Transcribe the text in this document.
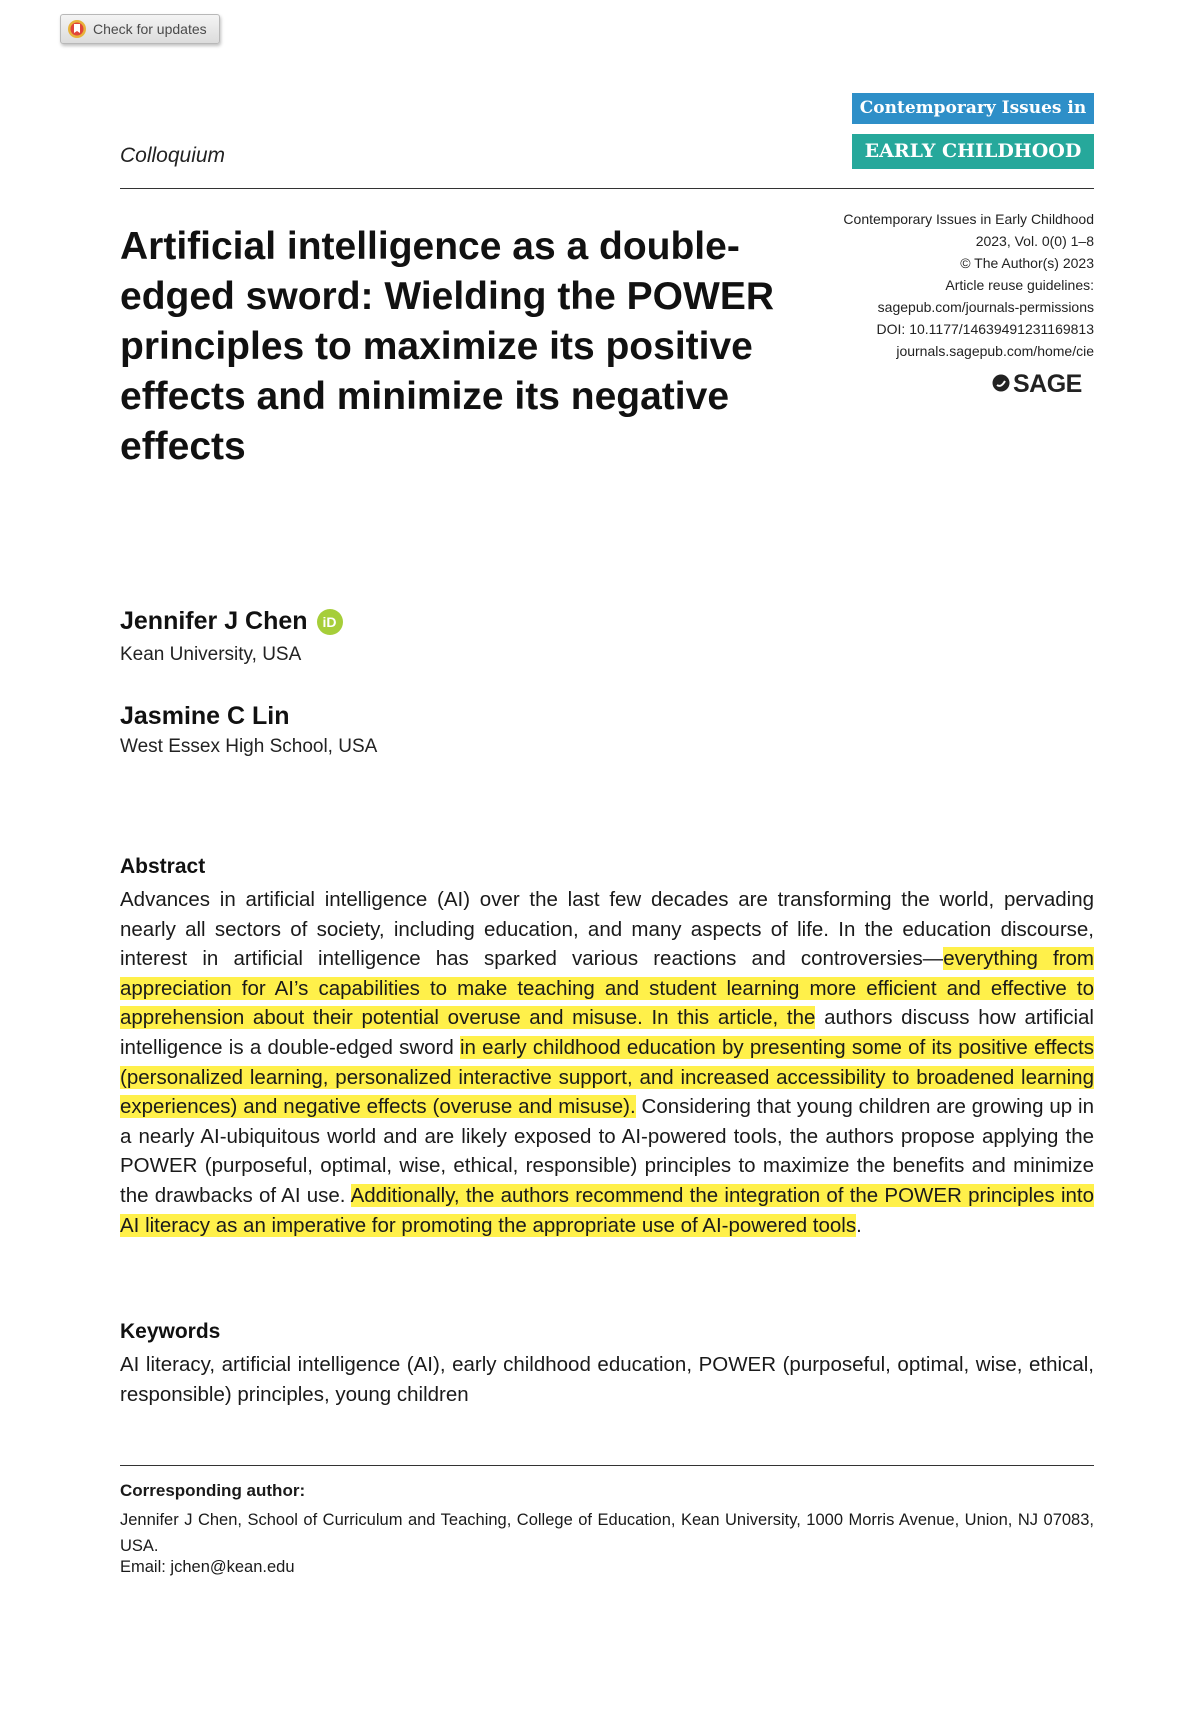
Check for updates
Contemporary Issues in
EARLY CHILDHOOD
Colloquium
Artificial intelligence as a double-edged sword: Wielding the POWER principles to maximize its positive effects and minimize its negative effects
Contemporary Issues in Early Childhood
2023, Vol. 0(0) 1–8
© The Author(s) 2023
Article reuse guidelines:
sagepub.com/journals-permissions
DOI: 10.1177/14639491231169813
journals.sagepub.com/home/cie
SAGE
Jennifer J Chen iD
Kean University, USA
Jasmine C Lin
West Essex High School, USA
Abstract

Advances in artificial intelligence (AI) over the last few decades are transforming the world, pervading nearly all sectors of society, including education, and many aspects of life. In the education discourse, interest in artificial intelligence has sparked various reactions and controversies—everything from appreciation for AI’s capabilities to make teaching and student learning more efficient and effective to apprehension about their potential overuse and misuse. In this article, the authors discuss how artificial intelligence is a double-edged sword in early childhood education by presenting some of its positive effects (personalized learning, personalized interactive support, and increased accessibility to broadened learning experiences) and negative effects (overuse and misuse). Considering that young children are growing up in a nearly AI-ubiquitous world and are likely exposed to AI-powered tools, the authors propose applying the POWER (purposeful, optimal, wise, ethical, responsible) principles to maximize the benefits and minimize the drawbacks of AI use. Additionally, the authors recommend the integration of the POWER principles into AI literacy as an imperative for promoting the appropriate use of AI-powered tools.

Keywords

AI literacy, artificial intelligence (AI), early childhood education, POWER (purposeful, optimal, wise, ethical, responsible) principles, young children

Corresponding author:

Jennifer J Chen, School of Curriculum and Teaching, College of Education, Kean University, 1000 Morris Avenue, Union, NJ 07083, USA.

Email: jchen@kean.edu
